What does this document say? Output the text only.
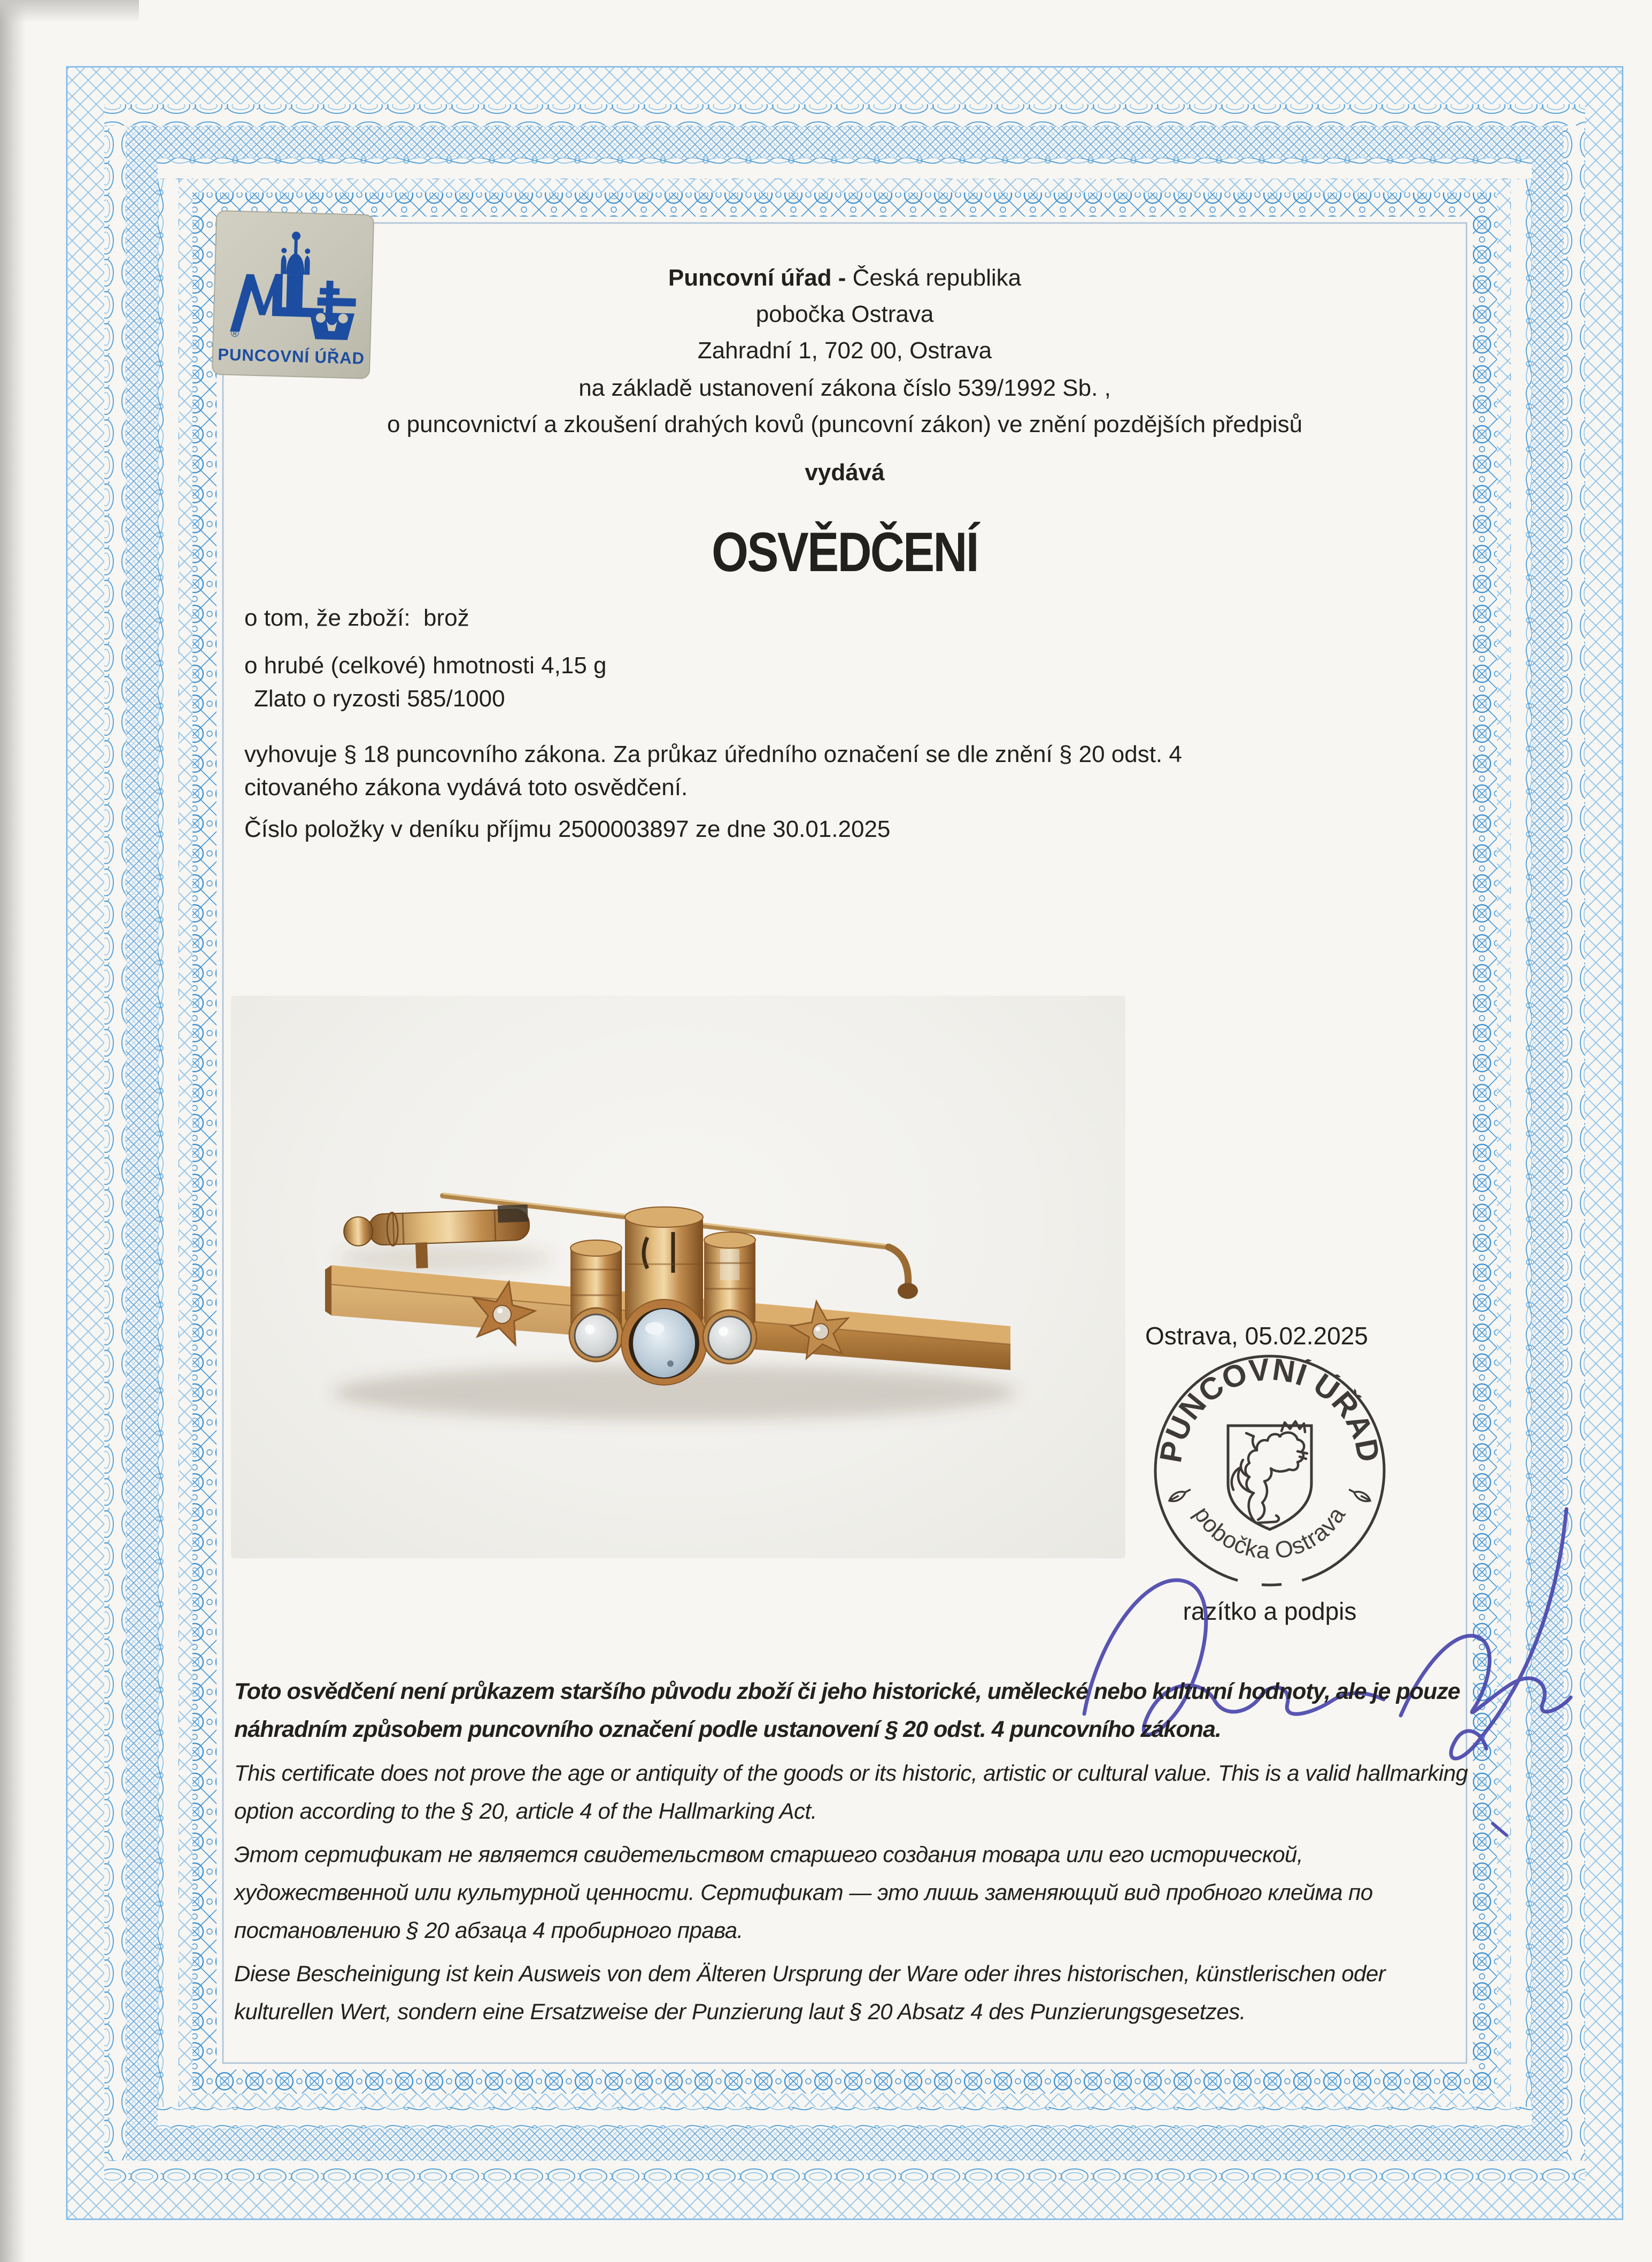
®
PUNCOVNÍ ÚŘAD
Puncovní úřad - Česká republika
pobočka Ostrava
Zahradní 1, 702 00, Ostrava
na základě ustanovení zákona číslo 539/1992 Sb. ,
o puncovnictví a zkoušení drahých kovů (puncovní zákon) ve znění pozdějších předpisů
vydává
OSVĚDČENÍ
o tom, že zboží:  brož
o hrubé (celkové) hmotnosti 4,15 g
Zlato o ryzosti 585/1000
vyhovuje § 18 puncovního zákona. Za průkaz úředního označení se dle znění § 20 odst. 4
citovaného zákona vydává toto osvědčení.
Číslo položky v deníku příjmu 2500003897 ze dne 30.01.2025
Ostrava, 05.02.2025
PUNCOVNÍ ÚŘAD
pobočka Ostrava
razítko a podpis

Toto osvědčení není průkazem staršího původu zboží či jeho historické, umělecké nebo kulturní hodnoty, ale je pouze náhradním způsobem puncovního označení podle ustanovení § 20 odst. 4 puncovního zákona.

This certificate does not prove the age or antiquity of the goods or its historic, artistic or cultural value. This is a valid hallmarking option according to the § 20, article 4 of the Hallmarking Act.

Этот сертификат не является свидетельством старшего создания товара или его исторической, художественной или культурной ценности. Сертификат — это лишь заменяющий вид пробного клейма по постановлению § 20 абзаца 4 пробирного права.

Diese Bescheinigung ist kein Ausweis von dem Älteren Ursprung der Ware oder ihres historischen, künstlerischen oder kulturellen Wert, sondern eine Ersatzweise der Punzierung laut § 20 Absatz 4 des Punzierungsgesetzes.
